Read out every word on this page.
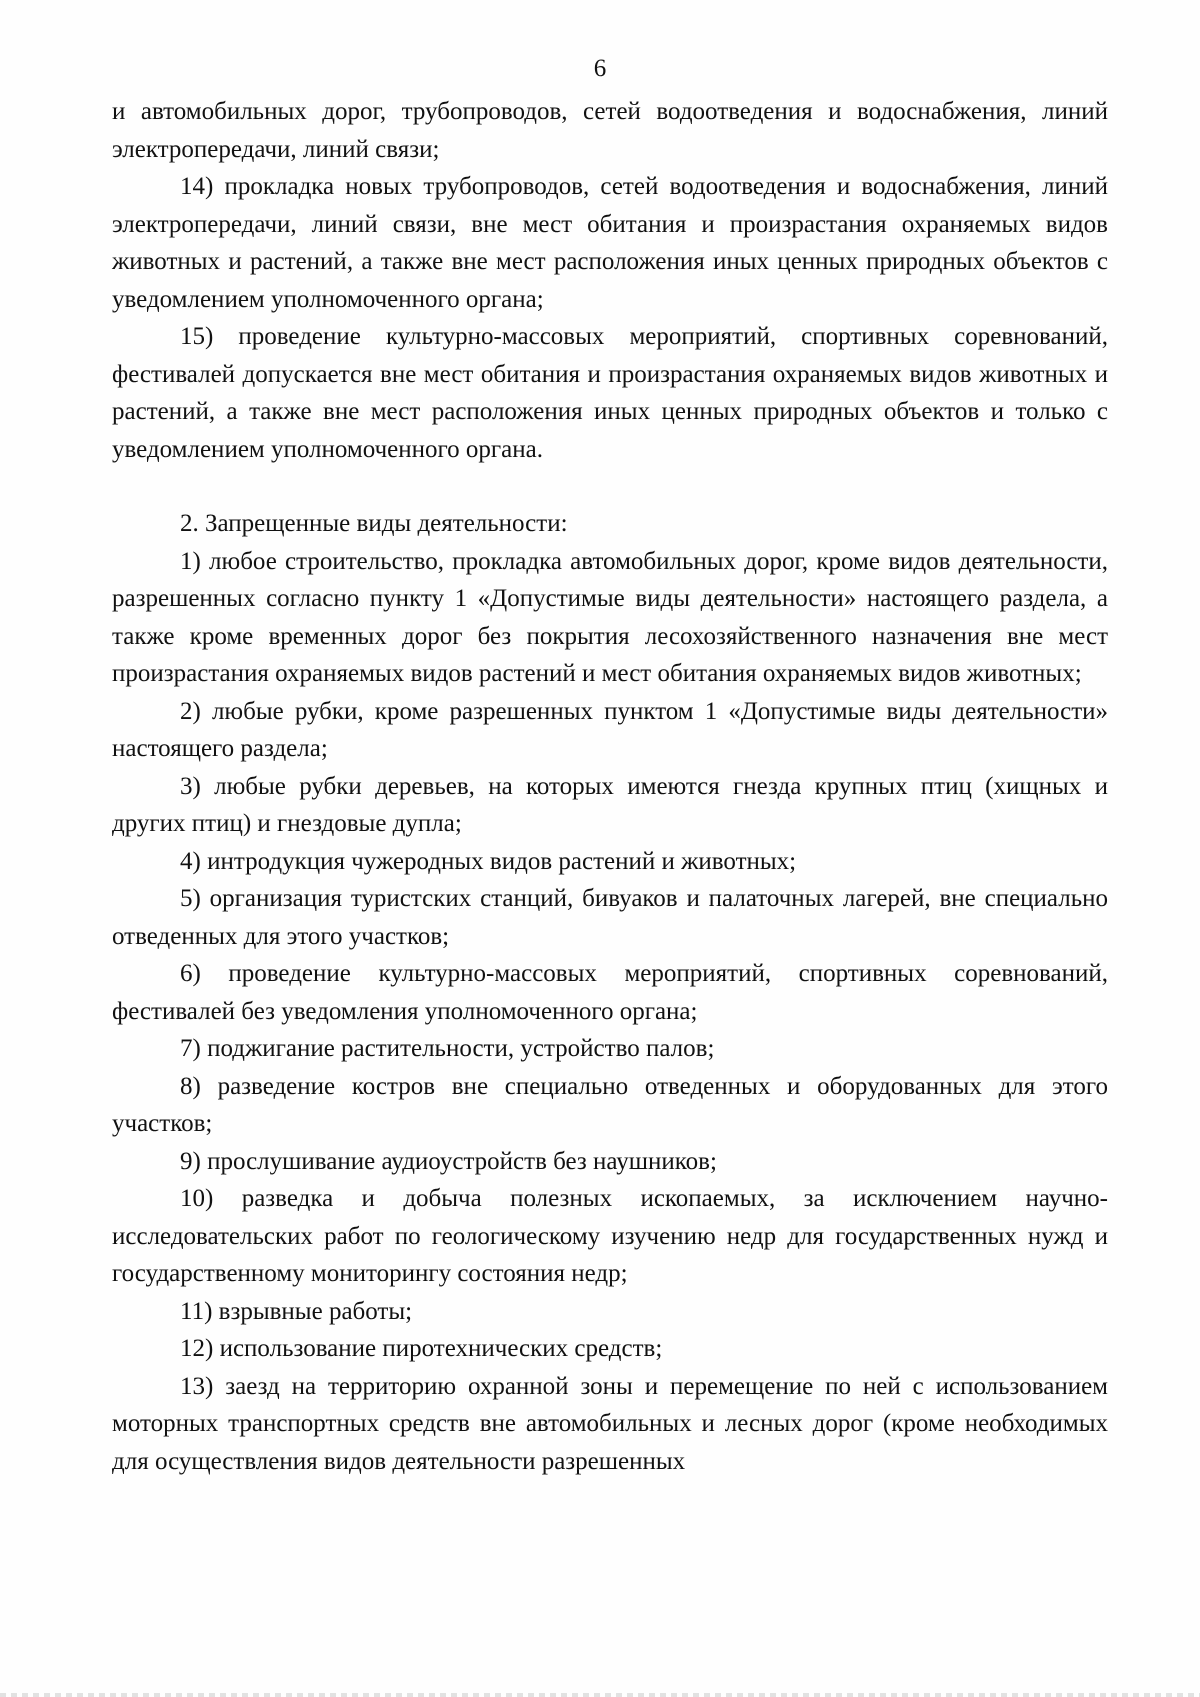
6

и автомобильных дорог, трубопроводов, сетей водоотведения и водоснабжения, линий электропередачи, линий связи;

14) прокладка новых трубопроводов, сетей водоотведения и водоснабжения, линий электропередачи, линий связи, вне мест обитания и произрастания охраняемых видов животных и растений, а также вне мест расположения иных ценных природных объектов с уведомлением уполномоченного органа;

15) проведение культурно-массовых мероприятий, спортивных соревнований, фестивалей допускается вне мест обитания и произрастания охраняемых видов животных и растений, а также вне мест расположения иных ценных природных объектов и только с уведомлением уполномоченного органа.

2. Запрещенные виды деятельности:

1) любое строительство, прокладка автомобильных дорог, кроме видов деятельности, разрешенных согласно пункту 1 «Допустимые виды деятельности» настоящего раздела, а также кроме временных дорог без покрытия лесохозяйственного назначения вне мест произрастания охраняемых видов растений и мест обитания охраняемых видов животных;

2) любые рубки, кроме разрешенных пунктом 1 «Допустимые виды деятельности» настоящего раздела;

3) любые рубки деревьев, на которых имеются гнезда крупных птиц (хищных и других птиц) и гнездовые дупла;

4) интродукция чужеродных видов растений и животных;

5) организация туристских станций, бивуаков и палаточных лагерей, вне специально отведенных для этого участков;

6) проведение культурно-массовых мероприятий, спортивных соревнований, фестивалей без уведомления уполномоченного органа;

7) поджигание растительности, устройство палов;

8) разведение костров вне специально отведенных и оборудованных для этого участков;

9) прослушивание аудиоустройств без наушников;

10) разведка и добыча полезных ископаемых, за исключением научно-исследовательских работ по геологическому изучению недр для государственных нужд и государственному мониторингу состояния недр;

11) взрывные работы;

12) использование пиротехнических средств;

13) заезд на территорию охранной зоны и перемещение по ней с использованием моторных транспортных средств вне автомобильных и лесных дорог (кроме необходимых для осуществления видов деятельности разрешенных
